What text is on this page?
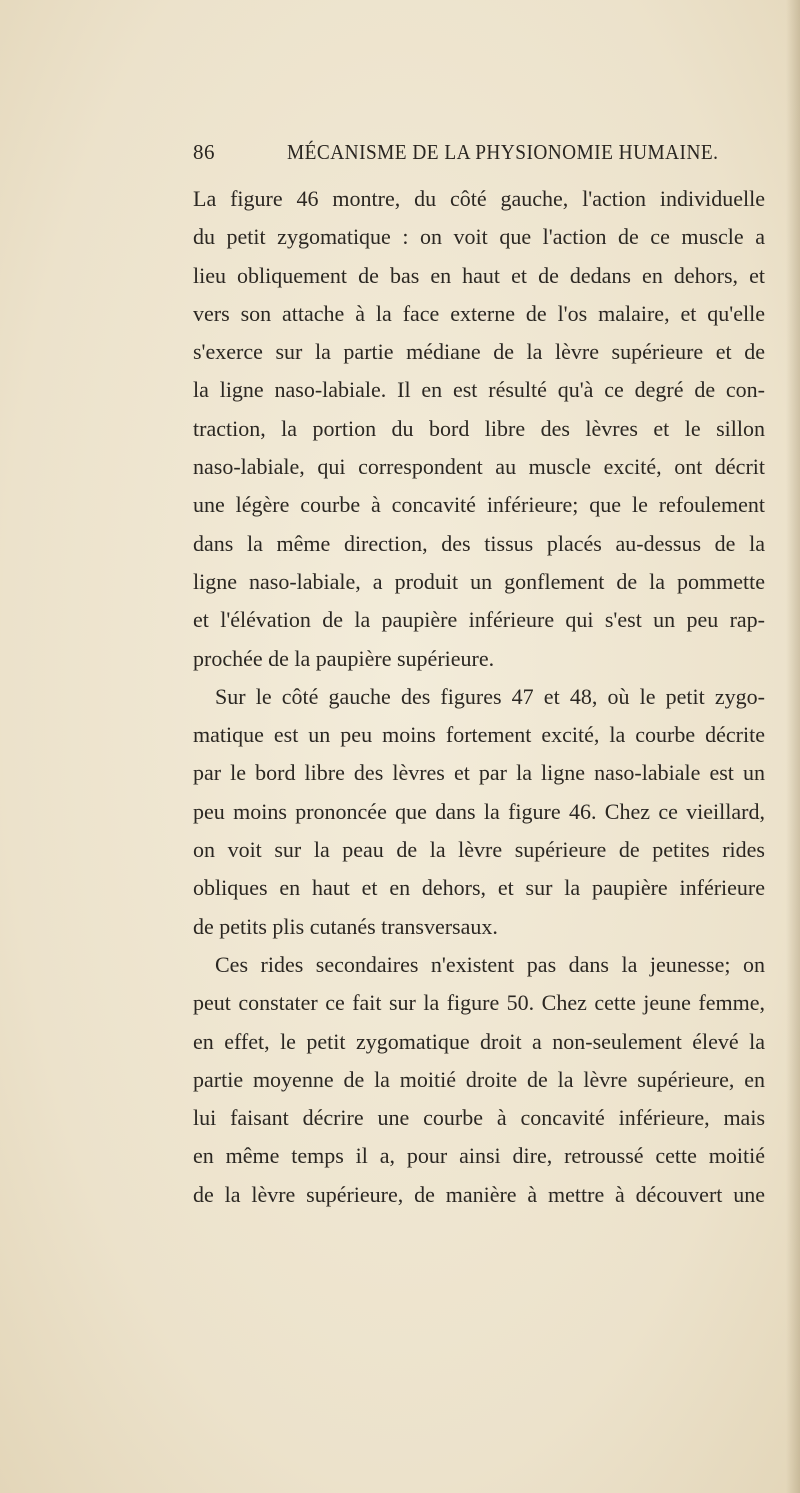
86	MÉCANISME DE LA PHYSIONOMIE HUMAINE.
La figure 46 montre, du côté gauche, l'action individuelle
du petit zygomatique : on voit que l'action de ce muscle a
lieu obliquement de bas en haut et de dedans en dehors, et
vers son attache à la face externe de l'os malaire, et qu'elle
s'exerce sur la partie médiane de la lèvre supérieure et de
la ligne naso-labiale. Il en est résulté qu'à ce degré de con-
traction, la portion du bord libre des lèvres et le sillon
naso-labiale, qui correspondent au muscle excité, ont décrit
une légère courbe à concavité inférieure; que le refoulement
dans la même direction, des tissus placés au-dessus de la
ligne naso-labiale, a produit un gonflement de la pommette
et l'élévation de la paupière inférieure qui s'est un peu rap-
prochée de la paupière supérieure.
Sur le côté gauche des figures 47 et 48, où le petit zygo-
matique est un peu moins fortement excité, la courbe décrite
par le bord libre des lèvres et par la ligne naso-labiale est un
peu moins prononcée que dans la figure 46. Chez ce vieillard,
on voit sur la peau de la lèvre supérieure de petites rides
obliques en haut et en dehors, et sur la paupière inférieure
de petits plis cutanés transversaux.
Ces rides secondaires n'existent pas dans la jeunesse; on
peut constater ce fait sur la figure 50. Chez cette jeune femme,
en effet, le petit zygomatique droit a non-seulement élevé la
partie moyenne de la moitié droite de la lèvre supérieure, en
lui faisant décrire une courbe à concavité inférieure, mais
en même temps il a, pour ainsi dire, retroussé cette moitié
de la lèvre supérieure, de manière à mettre à découvert une
